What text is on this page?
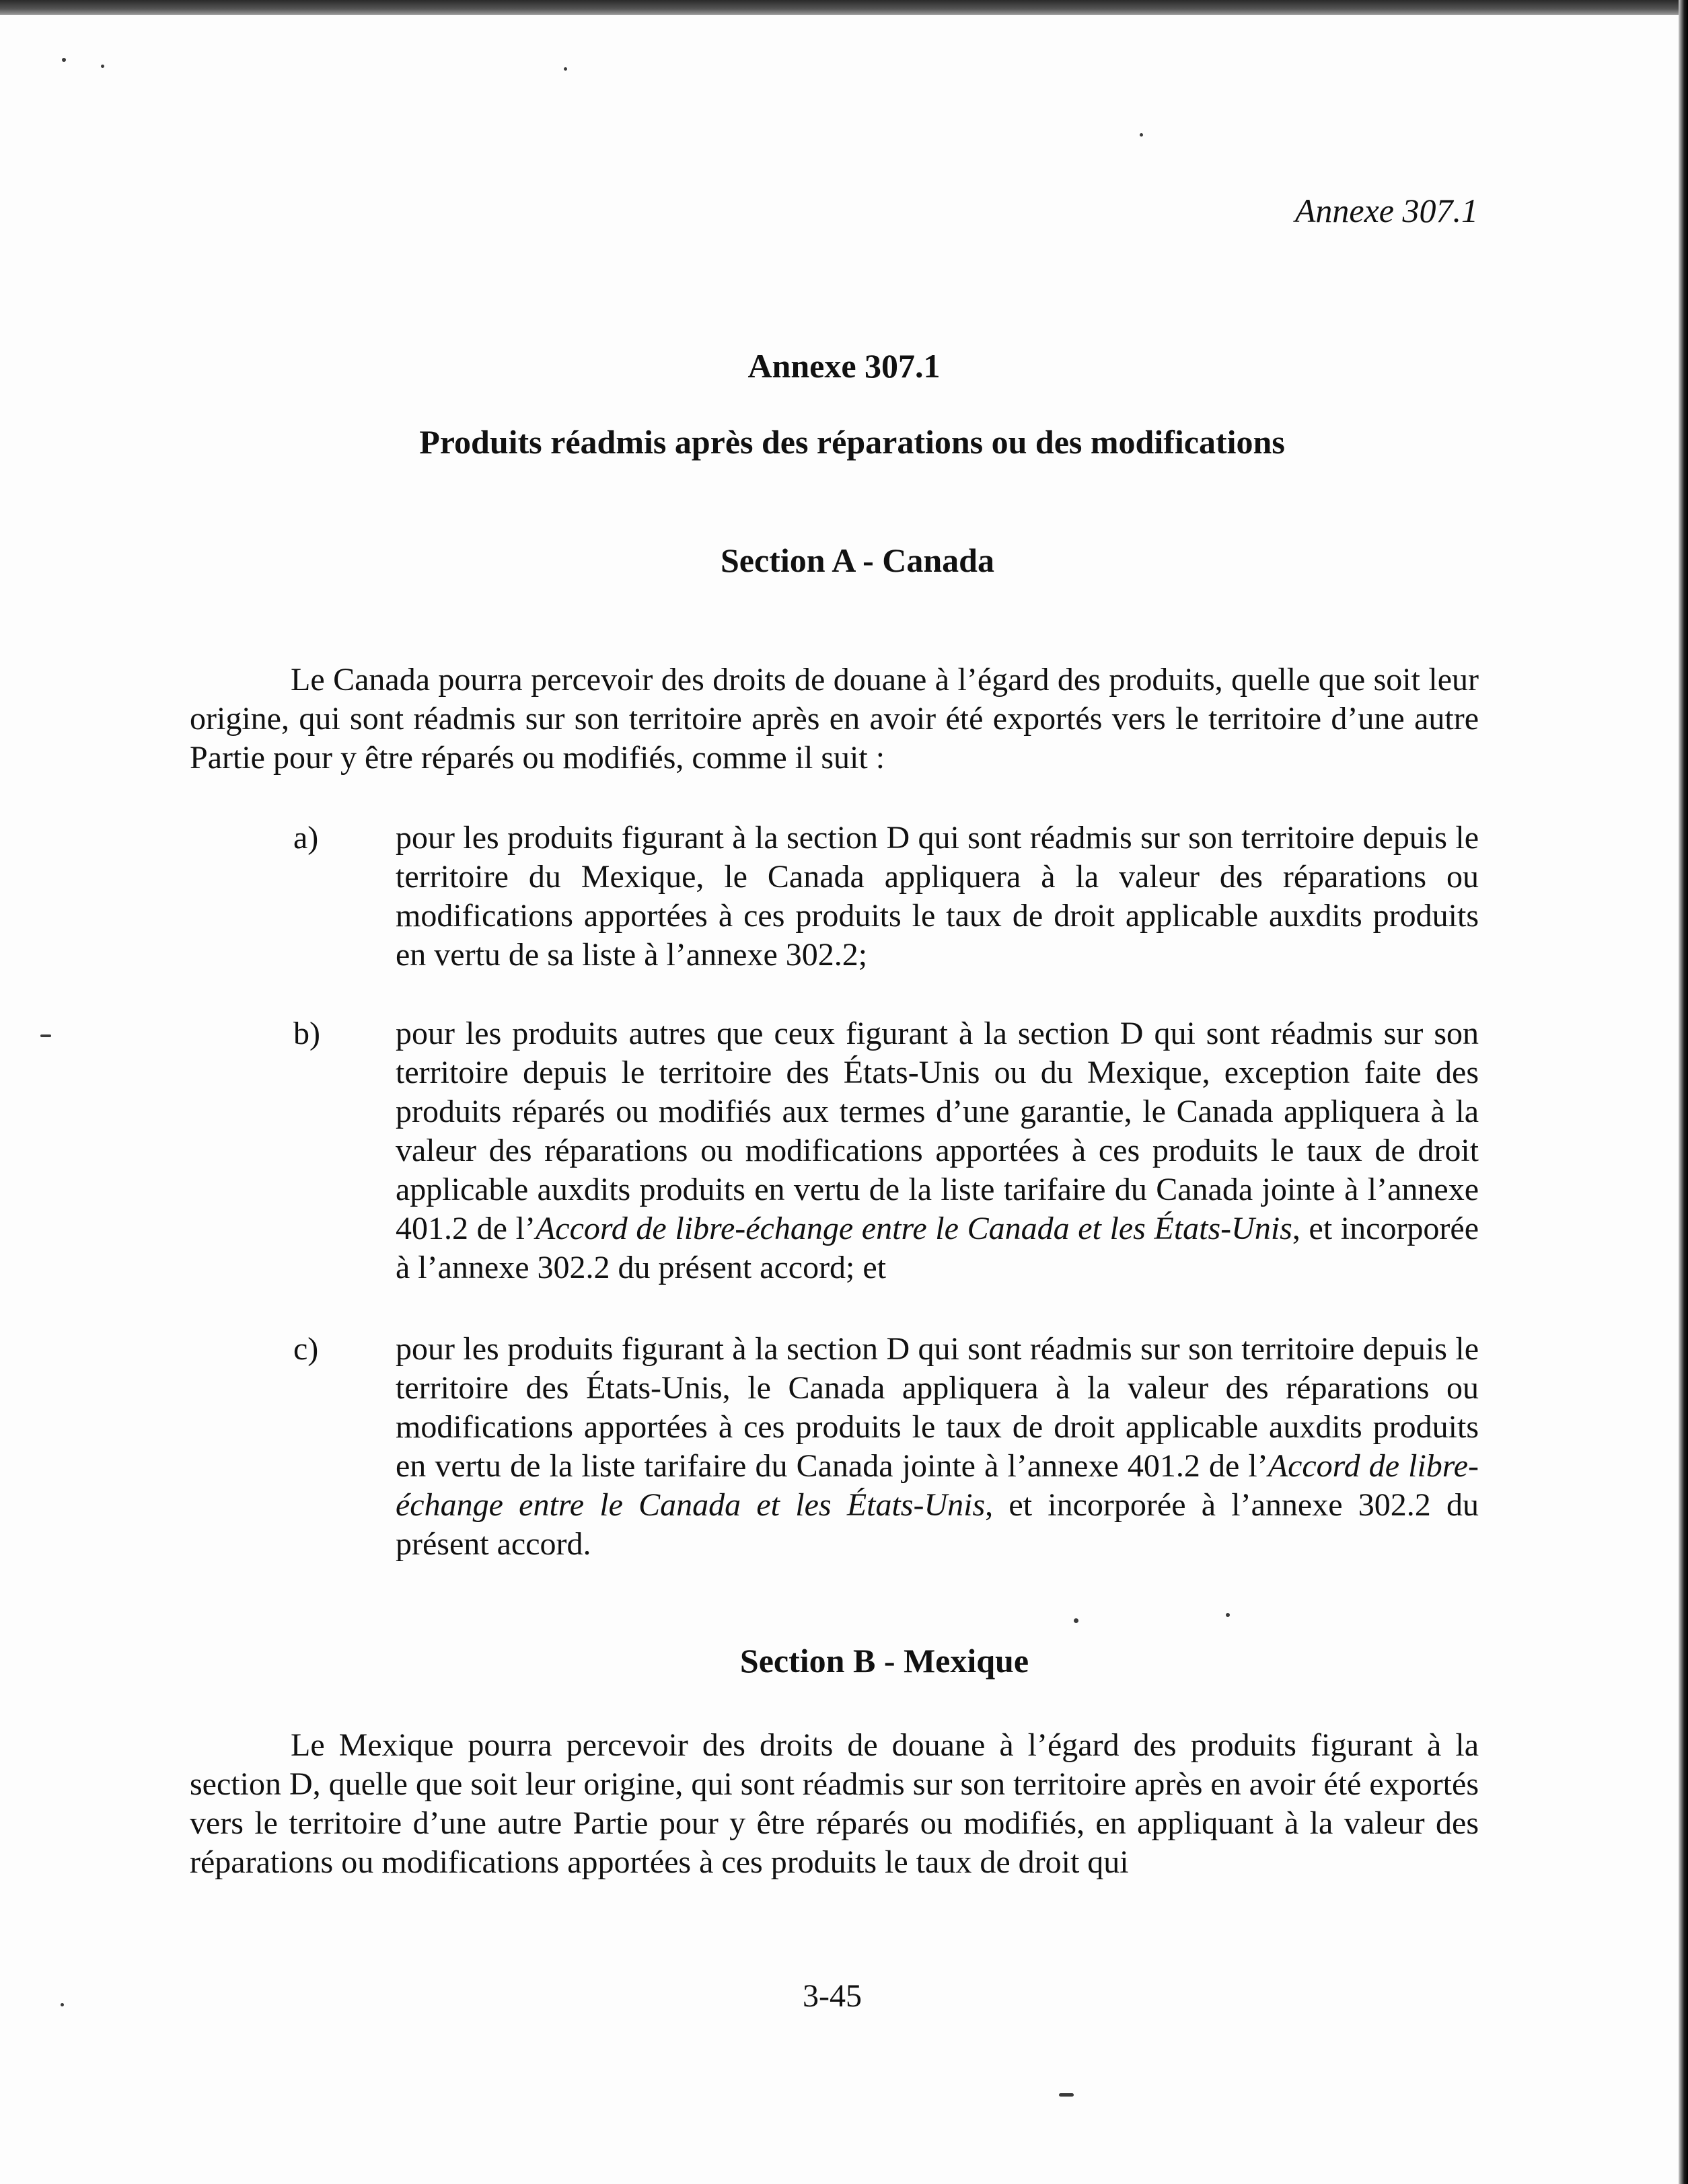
Annexe 307.1
Annexe 307.1
Produits réadmis après des réparations ou des modifications
Section A - Canada

Le Canada pourra percevoir des droits de douane à l’égard des produits, quelle que soit leur origine, qui sont réadmis sur son territoire après en avoir été exportés vers le territoire d’une autre Partie pour y être réparés ou modifiés, comme il suit :

a) pour les produits figurant à la section D qui sont réadmis sur son territoire depuis le territoire du Mexique, le Canada appliquera à la valeur des réparations ou modifications apportées à ces produits le taux de droit applicable auxdits produits en vertu de sa liste à l’annexe 302.2;
b) pour les produits autres que ceux figurant à la section D qui sont réadmis sur son territoire depuis le territoire des États-Unis ou du Mexique, exception faite des produits réparés ou modifiés aux termes d’une garantie, le Canada appliquera à la valeur des réparations ou modifications apportées à ces produits le taux de droit applicable auxdits produits en vertu de la liste tarifaire du Canada jointe à l’annexe 401.2 de l’Accord de libre-échange entre le Canada et les États-Unis, et incorporée à l’annexe 302.2 du présent accord; et
c) pour les produits figurant à la section D qui sont réadmis sur son territoire depuis le territoire des États-Unis, le Canada appliquera à la valeur des réparations ou modifications apportées à ces produits le taux de droit applicable auxdits produits en vertu de la liste tarifaire du Canada jointe à l’annexe 401.2 de l’Accord de libre-échange entre le Canada et les États-Unis, et incorporée à l’annexe 302.2 du présent accord.
Section B - Mexique

Le Mexique pourra percevoir des droits de douane à l’égard des produits figurant à la section D, quelle que soit leur origine, qui sont réadmis sur son territoire après en avoir été exportés vers le territoire d’une autre Partie pour y être réparés ou modifiés, en appliquant à la valeur des réparations ou modifications apportées à ces produits le taux de droit qui

3-45
